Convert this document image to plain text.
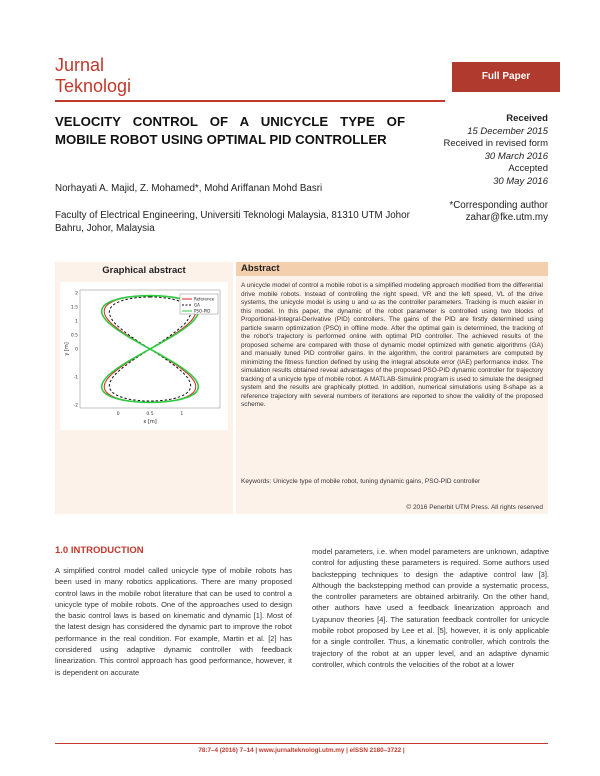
Jurnal
Teknologi	Full Paper
VELOCITY CONTROL OF A UNICYCLE TYPE OF MOBILE ROBOT USING OPTIMAL PID CONTROLLER
Received
15 December 2015
Received in revised form
30 March 2016
Accepted
30 May 2016
Norhayati A. Majid, Z. Mohamed*, Mohd Ariffanan Mohd Basri
*Corresponding author
zahar@fke.utm.my
Faculty of Electrical Engineering, Universiti Teknologi Malaysia, 81310 UTM Johor Bahru, Johor, Malaysia
Graphical abstract
0	0.5	1
2
1.5
1
0.5
0
-1
-2
x [m]
y [m]
Reference
GA
PSO-PID
Abstract
A unicycle model of control a mobile robot is a simplified modeling approach modified from the differential drive mobile robots. Instead of controlling the right speed, VR and the left speed, VL of the drive systems, the unicycle model is using u and ω as the controller parameters. Tracking is much easier in this model. In this paper, the dynamic of the robot parameter is controlled using two blocks of Proportional-Integral-Derivative (PID) controllers. The gains of the PID are firstly determined using particle swarm optimization (PSO) in offline mode. After the optimal gain is determined, the tracking of the robot's trajectory is performed online with optimal PID controller. The achieved results of the proposed scheme are compared with those of dynamic model optimized with genetic algorithms (GA) and manually tuned PID controller gains. In the algorithm, the control parameters are computed by minimizing the fitness function defined by using the integral absolute error (IAE) performance index. The simulation results obtained reveal advantages of the proposed PSO-PID dynamic controller for trajectory tracking of a unicycle type of mobile robot. A MATLAB-Simulink program is used to simulate the designed system and the results are graphically plotted. In addition, numerical simulations using 8-shape as a reference trajectory with several numbers of iterations are reported to show the validity of the proposed scheme.
Keywords: Unicycle type of mobile robot, tuning dynamic gains, PSO-PID controller
© 2016 Penerbit UTM Press. All rights reserved
1.0 INTRODUCTION
A simplified control model called unicycle type of mobile robots has been used in many robotics applications. There are many proposed control laws in the mobile robot literature that can be used to control a unicycle type of mobile robots. One of the approaches used to design the basic control laws is based on kinematic and dynamic [1]. Most of the latest design has considered the dynamic part to improve the robot performance in the real condition. For example, Martin et al. [2] has considered using adaptive dynamic controller with feedback linearization. This control approach has good performance, however, it is dependent on accurate
model parameters, i.e. when model parameters are unknown, adaptive control for adjusting these parameters is required. Some authors used backstepping techniques to design the adaptive control law [3]. Although the backstepping method can provide a systematic process, the controller parameters are obtained arbitrarily. On the other hand, other authors have used a feedback linearization approach and Lyapunov theories [4]. The saturation feedback controller for unicycle mobile robot proposed by Lee et al. [5], however, it is only applicable for a single controller. Thus, a kinematic controller, which controls the trajectory of the robot at an upper level, and an adaptive dynamic controller, which controls the velocities of the robot at a lower
78:7–4 (2016) 7–14 | www.jurnalteknologi.utm.my | eISSN 2180–3722 |
